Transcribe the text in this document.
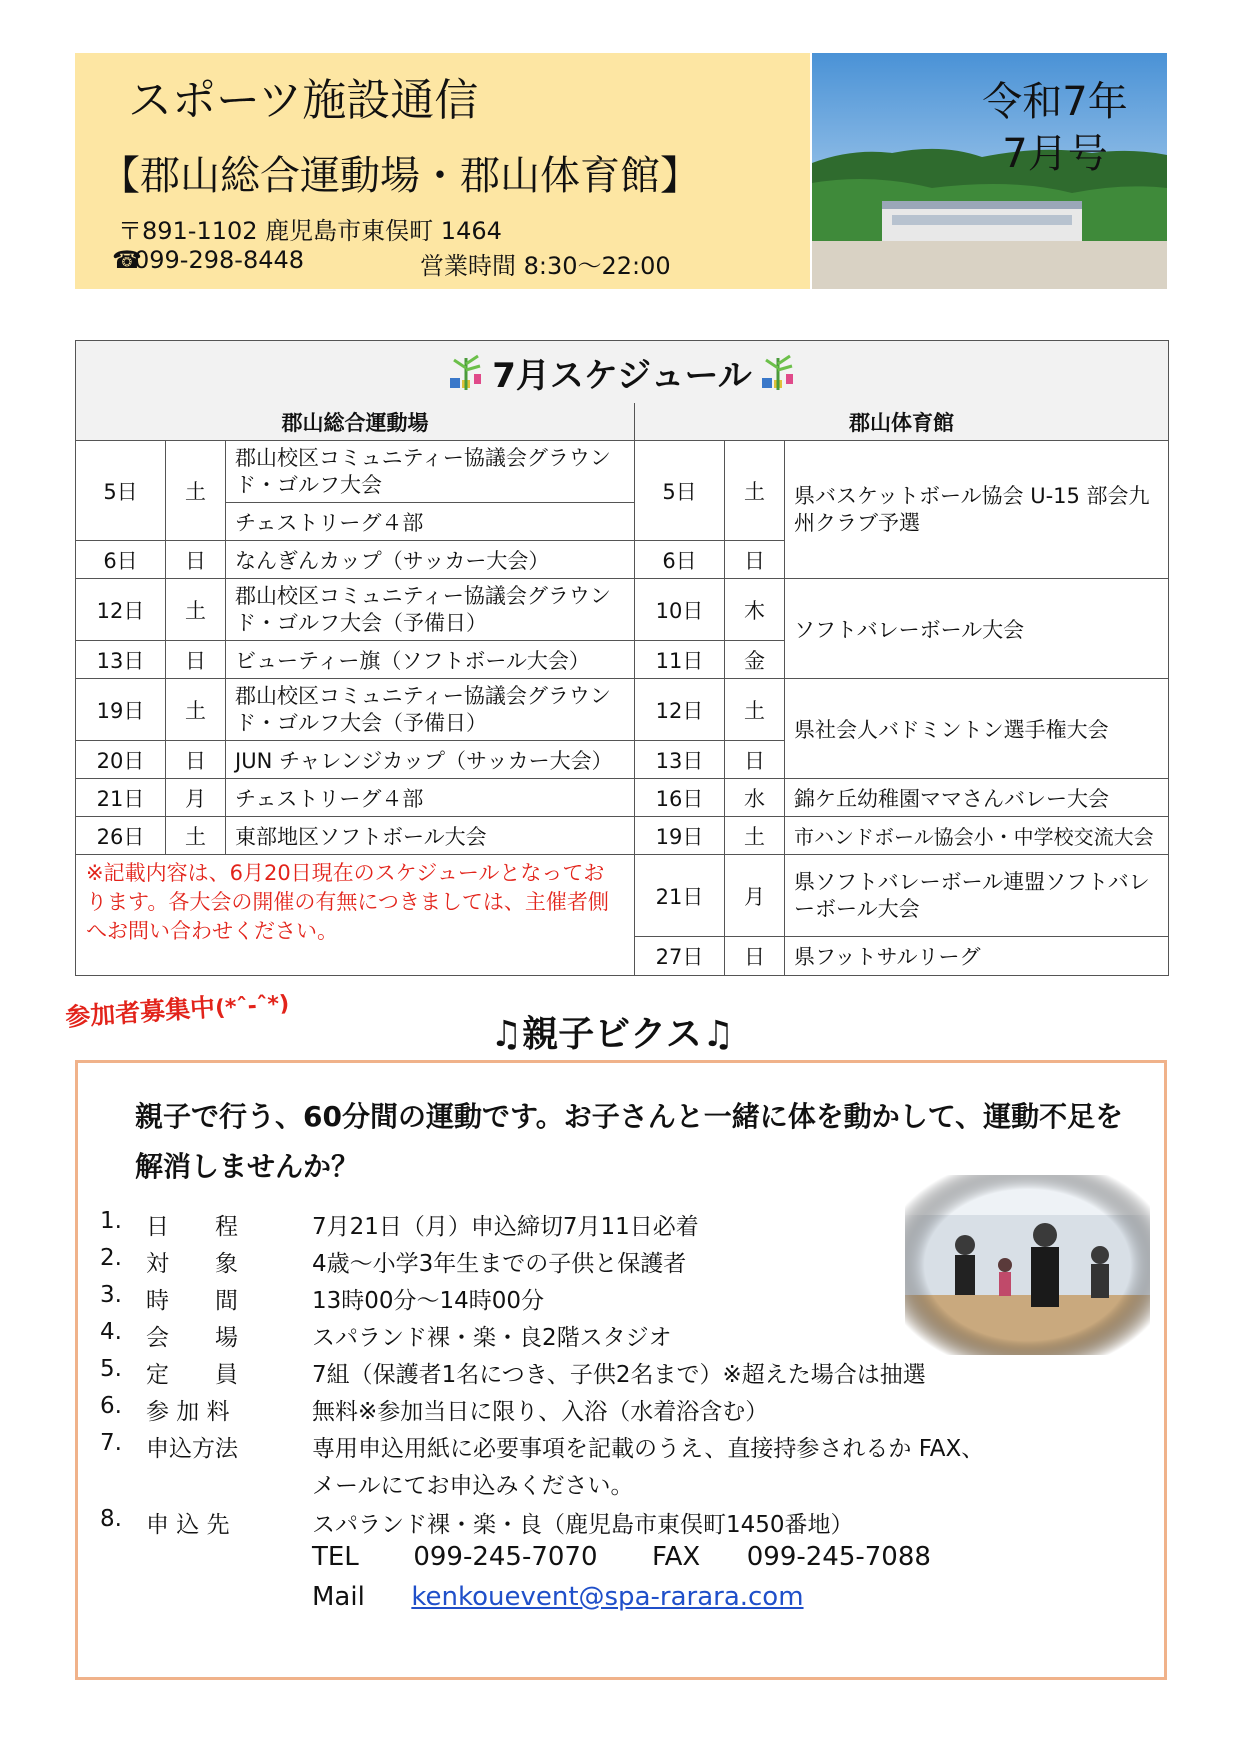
スポーツ施設通信
【郡山総合運動場・郡山体育館】
〒891-1102 鹿児島市東俣町 1464
☎099-298-8448	営業時間 8:30～22:00
令和7年
7月号
7月スケジュール
郡山総合運動場	郡山体育館
5日	土
郡山校区コミュニティー協議会グラウンド・ゴルフ大会
チェストリーグ４部
6日	日	なんぎんカップ（サッカー大会）
12日	土
郡山校区コミュニティー協議会グラウンド・ゴルフ大会（予備日）
13日	日	ビューティー旗（ソフトボール大会）
19日	土
郡山校区コミュニティー協議会グラウンド・ゴルフ大会（予備日）
20日	日	JUN チャレンジカップ（サッカー大会）
21日	月	チェストリーグ４部
26日	土	東部地区ソフトボール大会
※記載内容は、6月20日現在のスケジュールとなっております。各大会の開催の有無につきましては、主催者側へお問い合わせください。
5日	土
6日	日
県バスケットボール協会 U-15 部会九州クラブ予選
10日	木
11日	金
ソフトバレーボール大会
12日	土
13日	日
県社会人バドミントン選手権大会
16日	水	錦ケ丘幼稚園ママさんバレー大会
19日	土	市ハンドボール協会小・中学校交流大会
21日	月
県ソフトバレーボール連盟ソフトバレーボール大会
27日	日	県フットサルリーグ
参加者募集中(*ˆ-ˆ*)
♫親子ビクス♫
親子で行う、60分間の運動です。お子さんと一緒に体を動かして、運動不足を
解消しませんか？
1. 日　　程	7月21日（月）申込締切7月11日必着
2. 対　　象	4歳～小学3年生までの子供と保護者
3. 時　　間	13時00分～14時00分
4. 会　　場	スパランド裸・楽・良2階スタジオ
5. 定　　員	7組（保護者1名につき、子供2名まで）※超えた場合は抽選
6. 参 加 料	無料※参加当日に限り、入浴（水着浴含む）
7. 申込方法	専用申込用紙に必要事項を記載のうえ、直接持参されるか FAX、
メールにてお申込みください。
8. 申 込 先	スパランド裸・楽・良（鹿児島市東俣町1450番地）
TEL 099-245-7070 FAX 099-245-7088
Mail kenkouevent@spa-rarara.com
